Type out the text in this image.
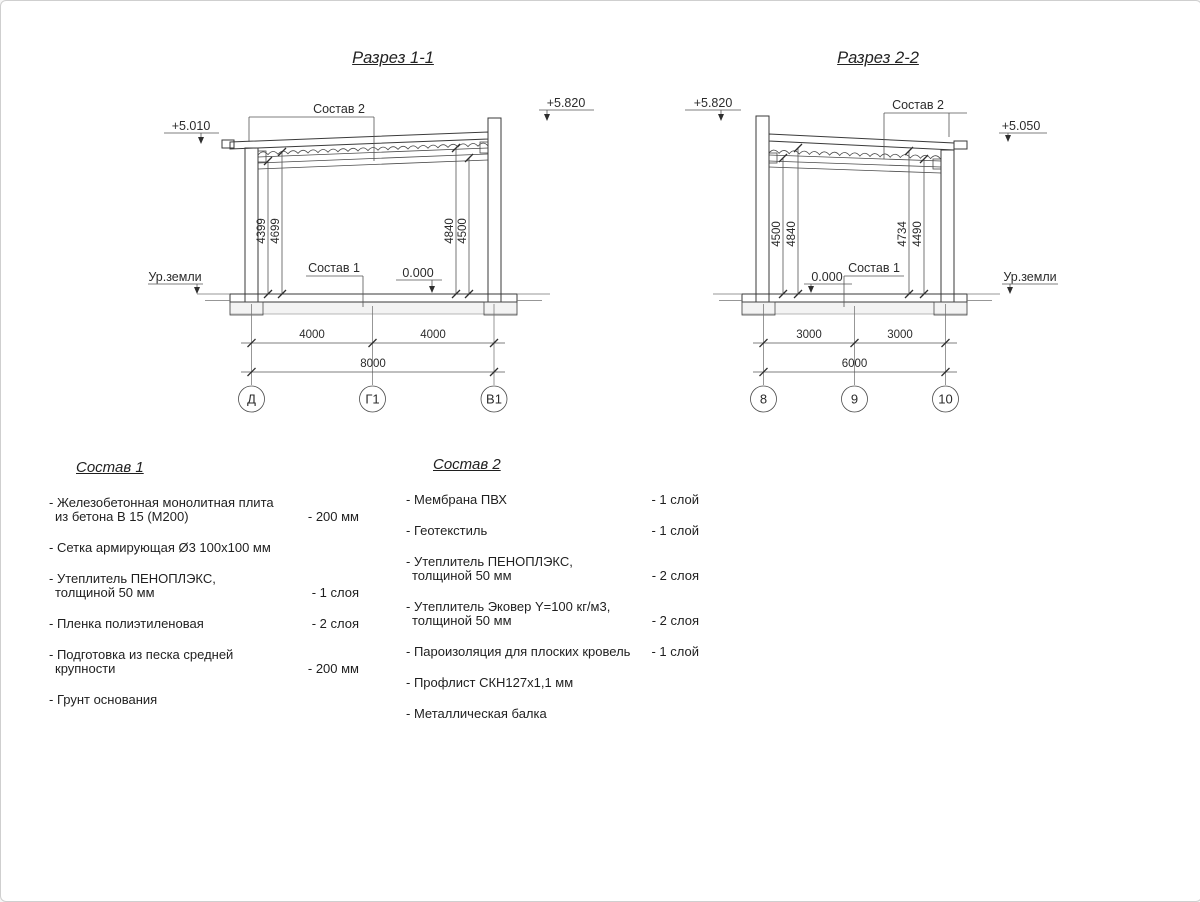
Разрез 1-1	Разрез 2-2
4399 4699	4840 4500
Состав 2
Состав 1
+5.010
+5.820
Ур.земли	0.000
4000	4000
8000
Д	Г1	В1
4500 4840	4734 4490
Состав 2
Состав 1
+5.820
+5.050
Ур.земли
0.000
3000	3000
6000
8	9	10
Состав 1
- Железобетонная монолитная плита
из бетона В 15 (М200)	- 200 мм
- Сетка армирующая Ø3 100х100 мм
- Утеплитель ПЕНОПЛЭКС,
толщиной 50 мм	- 1 слоя
- Пленка полиэтиленовая	- 2 слоя
- Подготовка из песка средней
крупности	- 200 мм
- Грунт основания
Состав 2
- Мембрана ПВХ	- 1 слой
- Геотекстиль	- 1 слой
- Утеплитель ПЕНОПЛЭКС,
толщиной 50 мм	- 2 слоя
- Утеплитель Эковер Y=100 кг/м3,
толщиной 50 мм	- 2 слоя
- Пароизоляция для плоских кровель	- 1 слой
- Профлист СКН127х1,1 мм
- Металлическая балка
